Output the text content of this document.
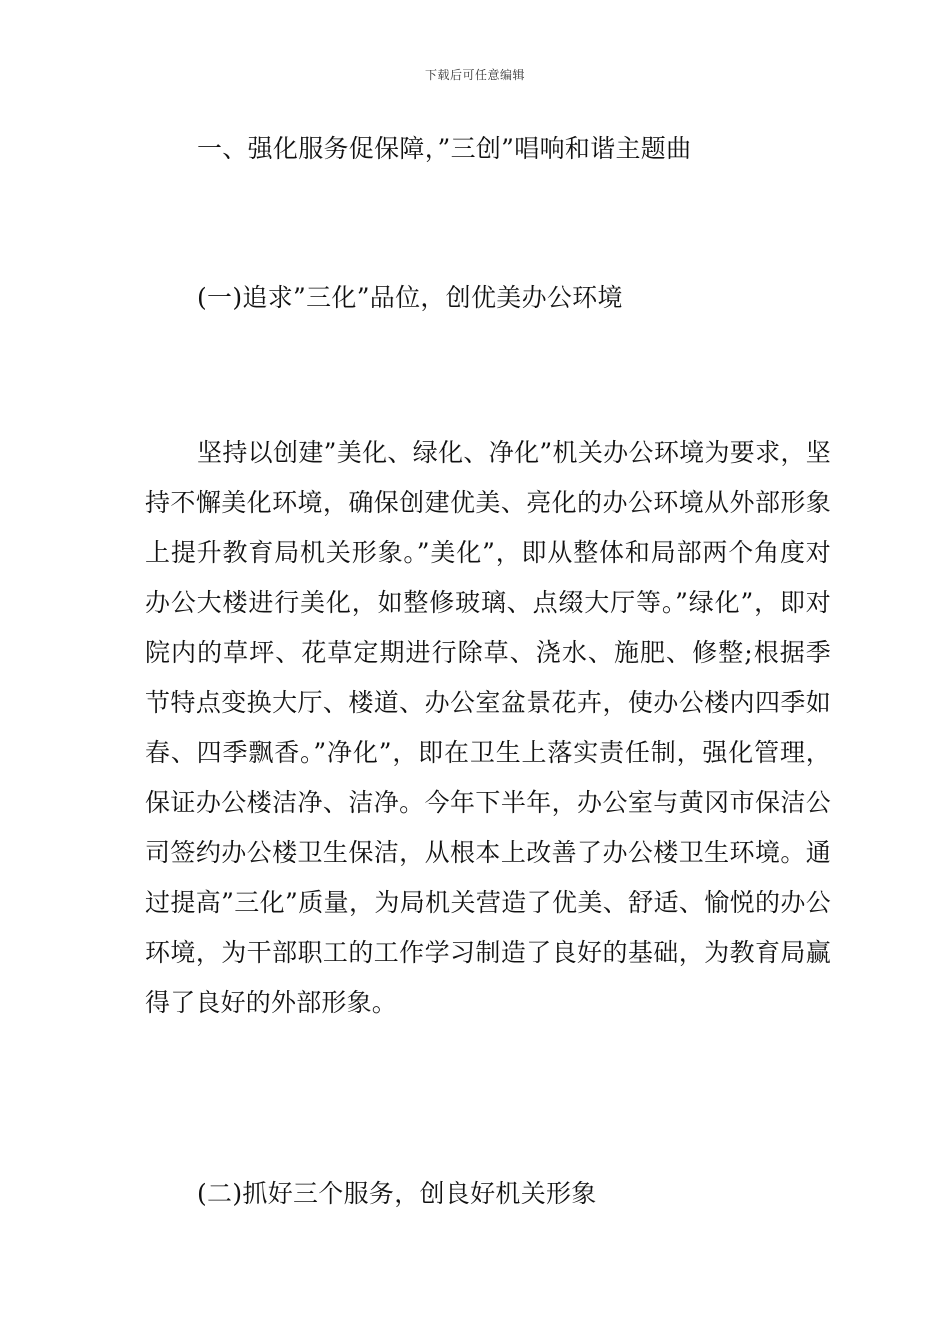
下载后可任意编辑
一、强化服务促保障，”三创”唱响和谐主题曲
(一)追求”三化”品位，创优美办公环境

坚持以创建”美化、绿化、净化”机关办公环境为要求，坚持不懈美化环境，确保创建优美、亮化的办公环境从外部形象上提升教育局机关形象。”美化”，即从整体和局部两个角度对办公大楼进行美化，如整修玻璃、点缀大厅等。”绿化”，即对院内的草坪、花草定期进行除草、浇水、施肥、修整;根据季节特点变换大厅、楼道、办公室盆景花卉，使办公楼内四季如春、四季飘香。”净化”，即在卫生上落实责任制，强化管理，保证办公楼洁净、洁净。今年下半年，办公室与黄冈市保洁公司签约办公楼卫生保洁，从根本上改善了办公楼卫生环境。通过提高”三化”质量，为局机关营造了优美、舒适、愉悦的办公环境，为干部职工的工作学习制造了良好的基础，为教育局赢得了良好的外部形象。

(二)抓好三个服务，创良好机关形象
